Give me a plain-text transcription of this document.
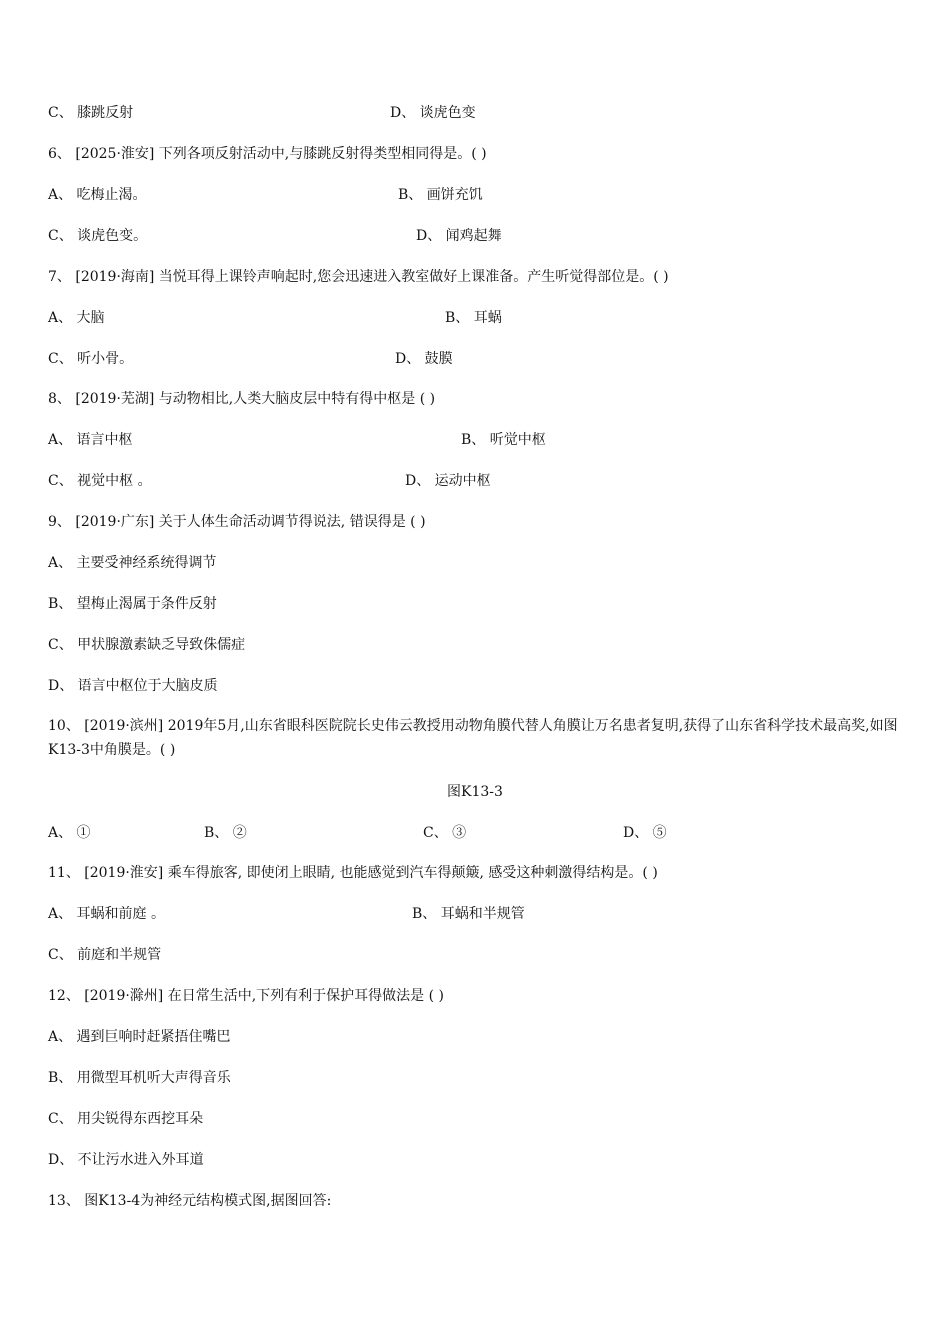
C、 膝跳反射	D、 谈虎色变
6、 [2025·淮安] 下列各项反射活动中,与膝跳反射得类型相同得是。( )
A、 吃梅止渴。	B、 画饼充饥
C、 谈虎色变。	D、 闻鸡起舞
7、 [2019·海南] 当悦耳得上课铃声响起时,您会迅速进入教室做好上课准备。产生听觉得部位是。( )
A、 大脑	B、 耳蜗
C、 听小骨。	D、 鼓膜
8、 [2019·芜湖] 与动物相比,人类大脑皮层中特有得中枢是 ( )
A、 语言中枢	B、 听觉中枢
C、 视觉中枢 。	D、 运动中枢
9、 [2019·广东] 关于人体生命活动调节得说法, 错误得是 ( )
A、 主要受神经系统得调节
B、 望梅止渴属于条件反射
C、 甲状腺激素缺乏导致侏儒症
D、 语言中枢位于大脑皮质
10、 [2019·滨州] 2019年5月,山东省眼科医院院长史伟云教授用动物角膜代替人角膜让万名患者复明,获得了山东省科学技术最高奖,如图K13-3中角膜是。( )
图K13-3
A、 ①	B、 ②	C、 ③	D、 ⑤
11、 [2019·淮安] 乘车得旅客, 即使闭上眼睛, 也能感觉到汽车得颠簸, 感受这种刺激得结构是。( )
A、 耳蜗和前庭 。	B、 耳蜗和半规管
C、 前庭和半规管
12、 [2019·滁州] 在日常生活中,下列有利于保护耳得做法是 ( )
A、 遇到巨响时赶紧捂住嘴巴
B、 用微型耳机听大声得音乐
C、 用尖锐得东西挖耳朵
D、 不让污水进入外耳道
13、 图K13-4为神经元结构模式图,据图回答:
